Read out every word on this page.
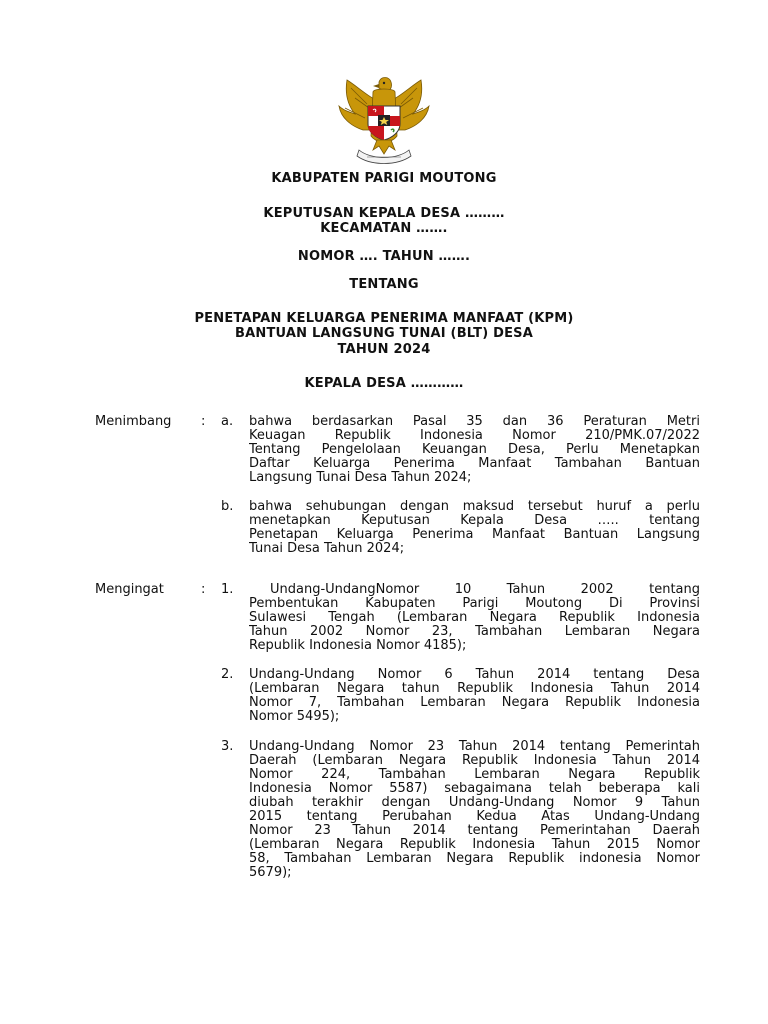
KABUPATEN PARIGI MOUTONG
KEPUTUSAN KEPALA DESA ………
KECAMATAN …….
NOMOR …. TAHUN …….
TENTANG
PENETAPAN KELUARGA PENERIMA MANFAAT (KPM)
BANTUAN LANGSUNG TUNAI (BLT) DESA
TAHUN 2024
KEPALA DESA …………
Menimbang : a. bahwa berdasarkan Pasal 35 dan 36 Peraturan Metri
Keuagan Republik Indonesia Nomor 210/PMK.07/2022
Tentang Pengelolaan Keuangan Desa, Perlu Menetapkan
Daftar Keluarga Penerima Manfaat Tambahan Bantuan
Langsung Tunai Desa Tahun 2024;
b. bahwa sehubungan dengan maksud tersebut huruf a perlu
menetapkan Keputusan Kepala Desa ….. tentang
Penetapan Keluarga Penerima Manfaat Bantuan Langsung
Tunai Desa Tahun 2024;
Mengingat	: 1.	Undang-UndangNomor 10 Tahun 2002 tentang
Pembentukan Kabupaten Parigi Moutong Di Provinsi
Sulawesi Tengah (Lembaran Negara Republik Indonesia
Tahun 2002 Nomor 23, Tambahan Lembaran Negara
Republik Indonesia Nomor 4185);
2. Undang-Undang Nomor 6 Tahun 2014 tentang Desa
(Lembaran Negara tahun Republik Indonesia Tahun 2014
Nomor 7, Tambahan Lembaran Negara Republik Indonesia
Nomor 5495);
3. Undang-Undang Nomor 23 Tahun 2014 tentang Pemerintah
Daerah (Lembaran Negara Republik Indonesia Tahun 2014
Nomor 224, Tambahan Lembaran Negara Republik
Indonesia Nomor 5587) sebagaimana telah beberapa kali
diubah terakhir dengan Undang-Undang Nomor 9 Tahun
2015 tentang Perubahan Kedua Atas Undang-Undang
Nomor 23 Tahun 2014 tentang Pemerintahan Daerah
(Lembaran Negara Republik Indonesia Tahun 2015 Nomor
58, Tambahan Lembaran Negara Republik indonesia Nomor
5679);
